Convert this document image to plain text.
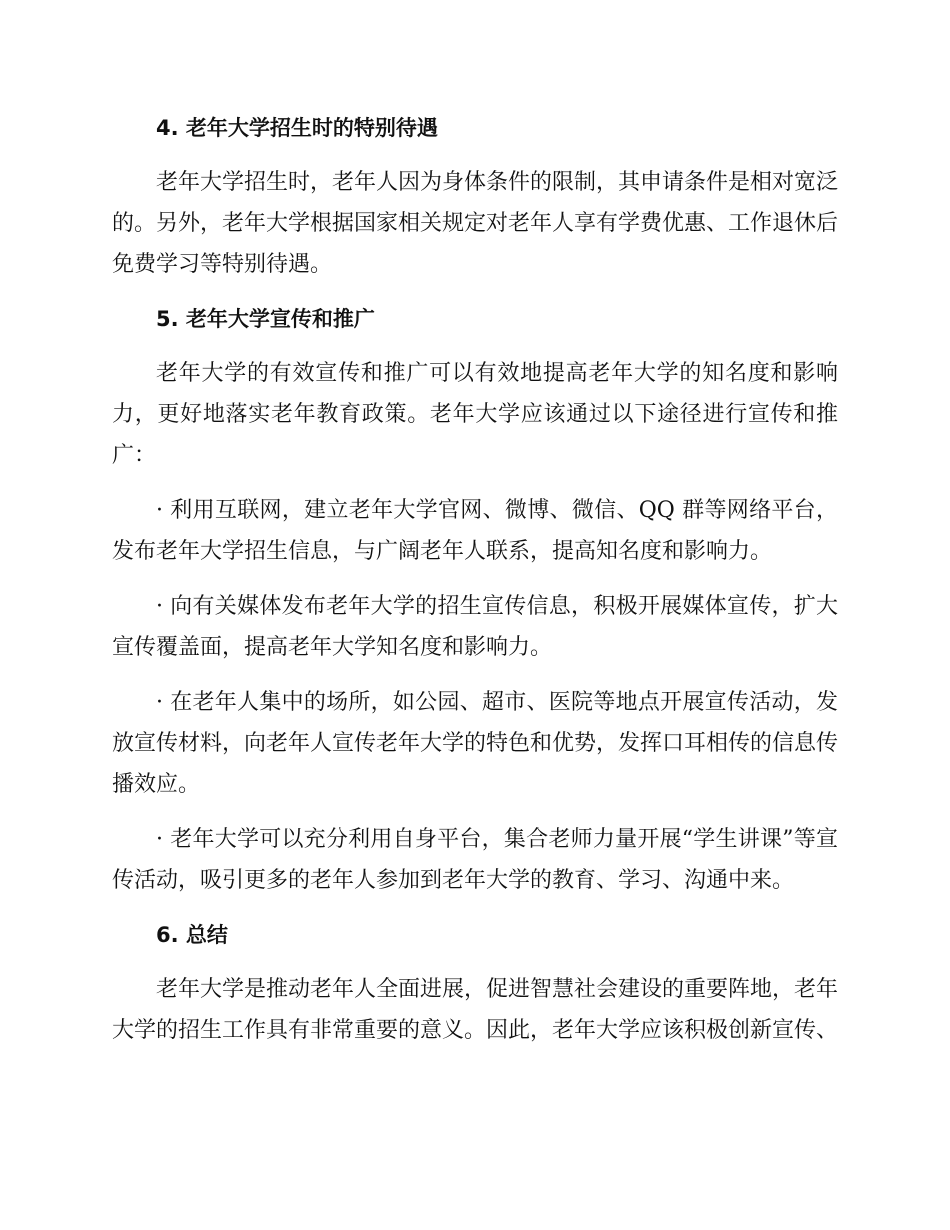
4. 老年大学招生时的特别待遇

老年大学招生时，老年人因为身体条件的限制，其申请条件是相对宽泛的。另外，老年大学根据国家相关规定对老年人享有学费优惠、工作退休后免费学习等特别待遇。

5. 老年大学宣传和推广

老年大学的有效宣传和推广可以有效地提高老年大学的知名度和影响力，更好地落实老年教育政策。老年大学应该通过以下途径进行宣传和推广：

· 利用互联网，建立老年大学官网、微博、微信、QQ 群等网络平台，发布老年大学招生信息，与广阔老年人联系，提高知名度和影响力。

· 向有关媒体发布老年大学的招生宣传信息，积极开展媒体宣传，扩大宣传覆盖面，提高老年大学知名度和影响力。

· 在老年人集中的场所，如公园、超市、医院等地点开展宣传活动，发放宣传材料，向老年人宣传老年大学的特色和优势，发挥口耳相传的信息传播效应。

· 老年大学可以充分利用自身平台，集合老师力量开展“学生讲课”等宣传活动，吸引更多的老年人参加到老年大学的教育、学习、沟通中来。

6. 总结

老年大学是推动老年人全面进展，促进智慧社会建设的重要阵地，老年大学的招生工作具有非常重要的意义。因此，老年大学应该积极创新宣传、
